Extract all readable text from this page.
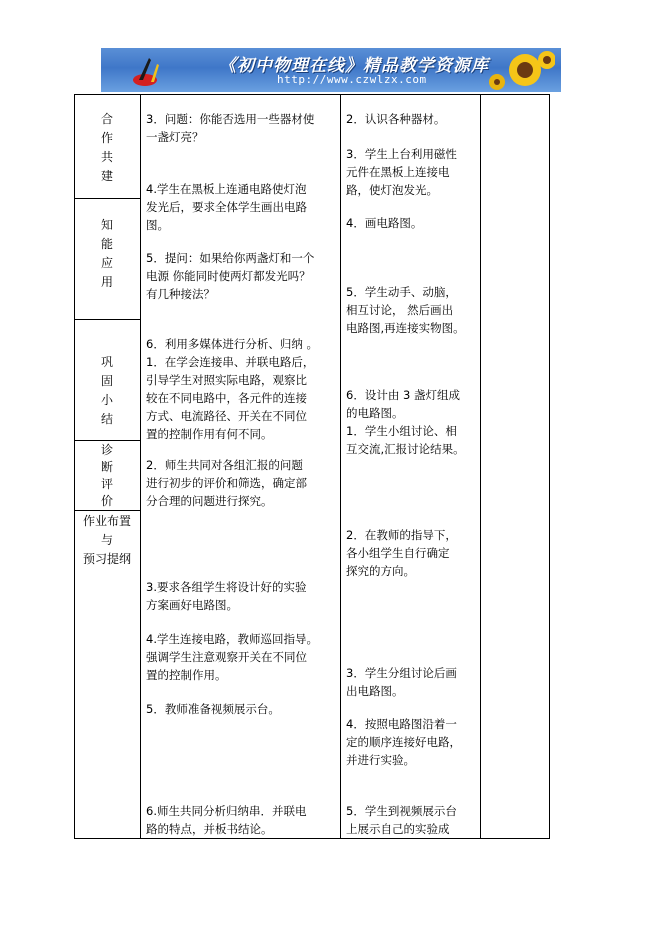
《初中物理在线》精品教学资源库
http://www.czwlzx.com
合
作
共
建
知
能
应
用
巩
固
小
结
诊
断
评
价
作业布置
与
预习提纲
3．问题：你能否选用一些器材使
一盏灯亮？
4.学生在黑板上连通电路使灯泡
发光后，要求全体学生画出电路
图。
5．提问：如果给你两盏灯和一个
电源 你能同时使两灯都发光吗？
有几种接法？
6．利用多媒体进行分析、归纳 。
1．在学会连接串、并联电路后，
引导学生对照实际电路，观察比
较在不同电路中，各元件的连接
方式、电流路径、开关在不同位
置的控制作用有何不同。
2．师生共同对各组汇报的问题
进行初步的评价和筛选，确定部
分合理的问题进行探究。
3.要求各组学生将设计好的实验
方案画好电路图。
4.学生连接电路，教师巡回指导。
强调学生注意观察开关在不同位
置的控制作用。
5．教师准备视频展示台。
6.师生共同分析归纳串．并联电
路的特点，并板书结论。
2．认识各种器材。
3．学生上台利用磁性
元件在黑板上连接电
路，使灯泡发光。
4．画电路图。
5．学生动手、动脑，
相互讨论， 然后画出
电路图,再连接实物图。
6．设计由 3 盏灯组成
的电路图。
1．学生小组讨论、相
互交流,汇报讨论结果。
2．在教师的指导下，
各小组学生自行确定
探究的方向。
3．学生分组讨论后画
出电路图。
4．按照电路图沿着一
定的顺序连接好电路，
并进行实验。
5．学生到视频展示台
上展示自己的实验成
